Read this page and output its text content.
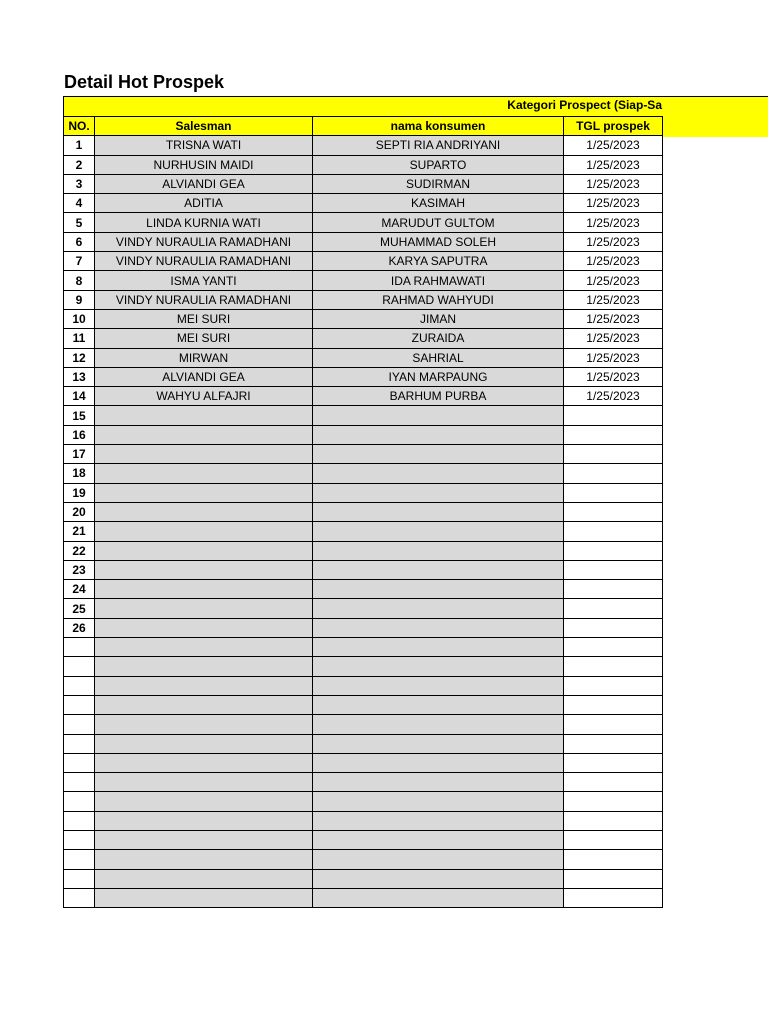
Detail Hot Prospek
Kategori Prospect (Siap-Sa
NO.	Salesman	nama konsumen	TGL prospek
1	TRISNA WATI	SEPTI RIA ANDRIYANI	1/25/2023
2	NURHUSIN MAIDI	SUPARTO	1/25/2023
3	ALVIANDI GEA	SUDIRMAN	1/25/2023
4	ADITIA	KASIMAH	1/25/2023
5	LINDA KURNIA WATI	MARUDUT GULTOM	1/25/2023
6	VINDY NURAULIA RAMADHANI	MUHAMMAD SOLEH	1/25/2023
7	VINDY NURAULIA RAMADHANI	KARYA SAPUTRA	1/25/2023
8	ISMA YANTI	IDA RAHMAWATI	1/25/2023
9	VINDY NURAULIA RAMADHANI	RAHMAD WAHYUDI	1/25/2023
10	MEI SURI	JIMAN	1/25/2023
11	MEI SURI	ZURAIDA	1/25/2023
12	MIRWAN	SAHRIAL	1/25/2023
13	ALVIANDI GEA	IYAN MARPAUNG	1/25/2023
14	WAHYU ALFAJRI	BARHUM PURBA	1/25/2023
15			
16			
17			
18			
19			
20			
21			
22			
23			
24			
25			
26			
